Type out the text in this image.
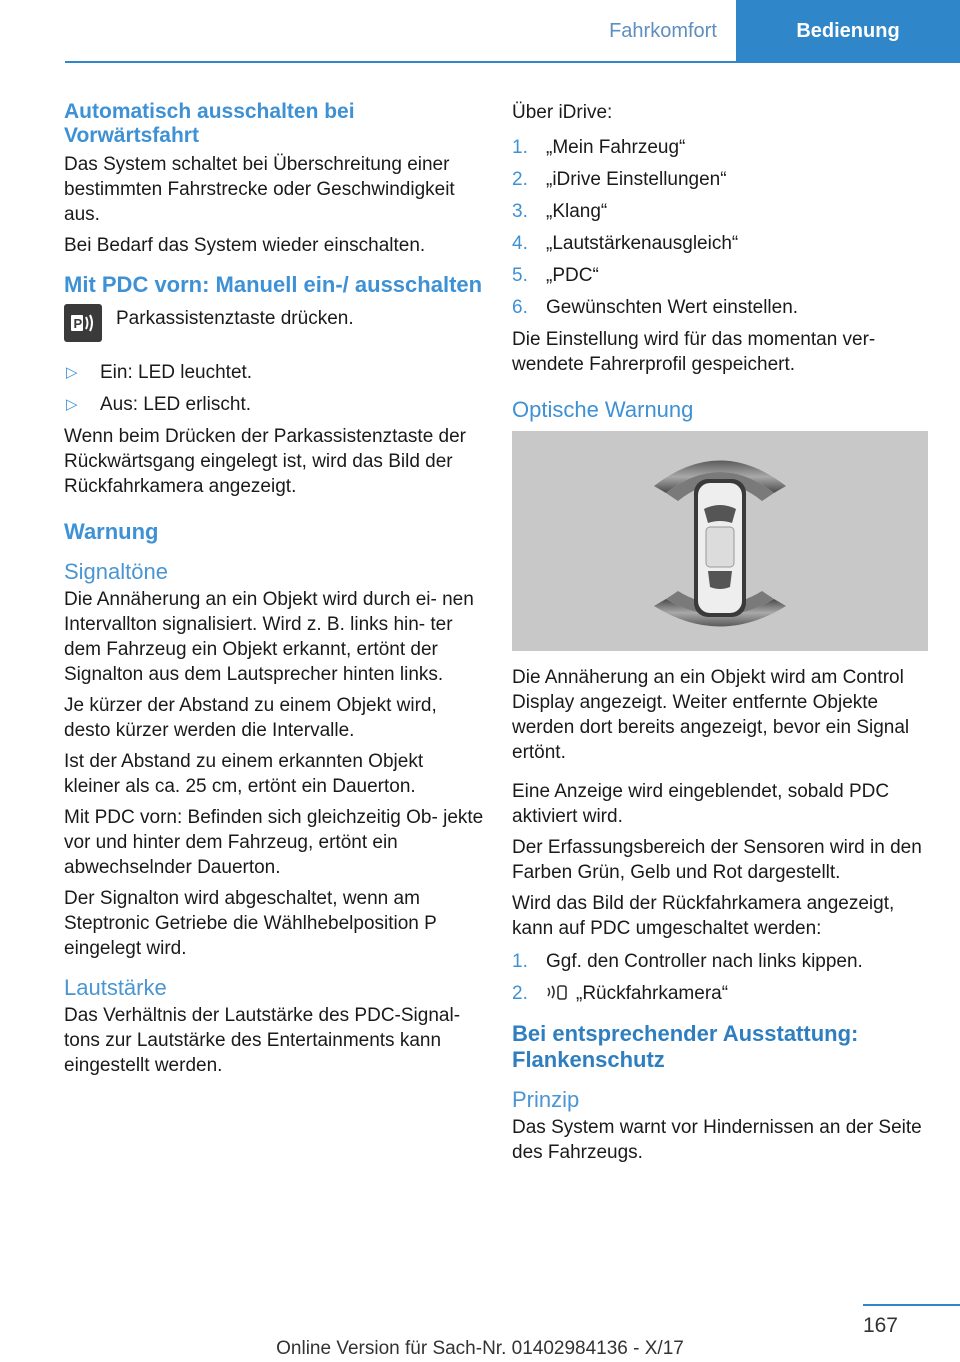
Fahrkomfort	Bedienung
Automatisch ausschalten bei Vorwärtsfahrt

Das System schaltet bei Überschreitung einer bestimmten Fahrstrecke oder Geschwindigkeit aus.

Bei Bedarf das System wieder einschalten.

Mit PDC vorn: Manuell ein-/ ausschalten
P Parkassistenztaste drücken.

▷	Ein: LED leuchtet.
▷	Aus: LED erlischt.

Wenn beim Drücken der Parkassistenztaste der Rückwärtsgang eingelegt ist, wird das Bild der Rückfahrkamera angezeigt.

Warnung
Signaltöne

Die Annäherung an ein Objekt wird durch ei‐ nen Intervallton signalisiert. Wird z. B. links hin‐ ter dem Fahrzeug ein Objekt erkannt, ertönt der Signalton aus dem Lautsprecher hinten links.

Je kürzer der Abstand zu einem Objekt wird, desto kürzer werden die Intervalle.

Ist der Abstand zu einem erkannten Objekt kleiner als ca. 25 cm, ertönt ein Dauerton.

Mit PDC vorn: Befinden sich gleichzeitig Ob‐ jekte vor und hinter dem Fahrzeug, ertönt ein abwechselnder Dauerton.

Der Signalton wird abgeschaltet, wenn am Steptronic Getriebe die Wählhebelposition P eingelegt wird.

Lautstärke

Das Verhältnis der Lautstärke des PDC-Signal‐ tons zur Lautstärke des Entertainments kann eingestellt werden.

Über iDrive:

1. „Mein Fahrzeug“
2. „iDrive Einstellungen“
3. „Klang“
4. „Lautstärkenausgleich“
5. „PDC“
6. Gewünschten Wert einstellen.

Die Einstellung wird für das momentan ver‐ wendete Fahrerprofil gespeichert.

Optische Warnung

Die Annäherung an ein Objekt wird am Control Display angezeigt. Weiter entfernte Objekte werden dort bereits angezeigt, bevor ein Signal ertönt.

Eine Anzeige wird eingeblendet, sobald PDC aktiviert wird.

Der Erfassungsbereich der Sensoren wird in den Farben Grün, Gelb und Rot dargestellt.

Wird das Bild der Rückfahrkamera angezeigt, kann auf PDC umgeschaltet werden:

1. Ggf. den Controller nach links kippen.
2.	„Rückfahrkamera“
Bei entsprechender Ausstattung: Flankenschutz
Prinzip

Das System warnt vor Hindernissen an der Seite des Fahrzeugs.

167
Online Version für Sach-Nr. 01402984136 - X/17
